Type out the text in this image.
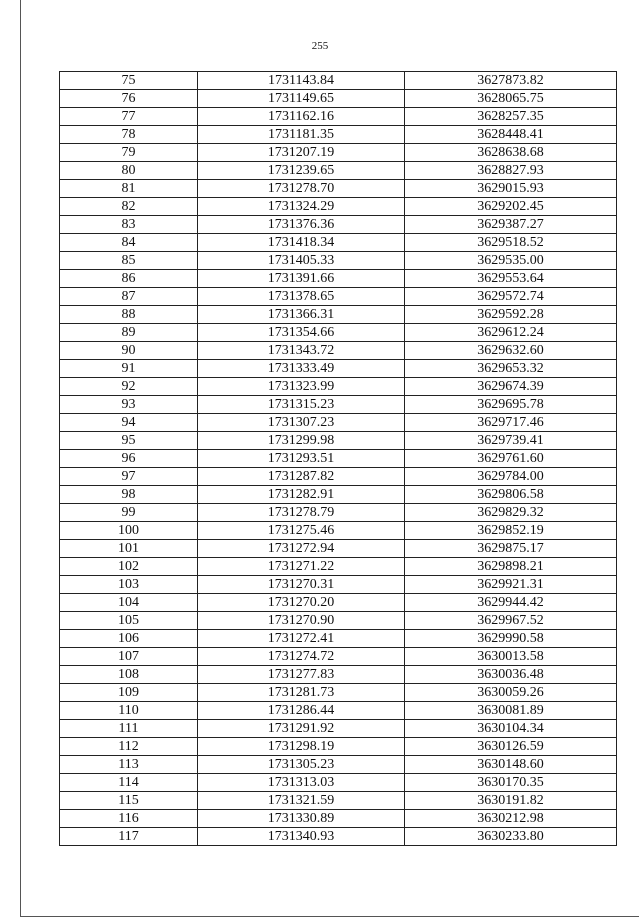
255
75	1731143.84	3627873.82
76	1731149.65	3628065.75
77	1731162.16	3628257.35
78	1731181.35	3628448.41
79	1731207.19	3628638.68
80	1731239.65	3628827.93
81	1731278.70	3629015.93
82	1731324.29	3629202.45
83	1731376.36	3629387.27
84	1731418.34	3629518.52
85	1731405.33	3629535.00
86	1731391.66	3629553.64
87	1731378.65	3629572.74
88	1731366.31	3629592.28
89	1731354.66	3629612.24
90	1731343.72	3629632.60
91	1731333.49	3629653.32
92	1731323.99	3629674.39
93	1731315.23	3629695.78
94	1731307.23	3629717.46
95	1731299.98	3629739.41
96	1731293.51	3629761.60
97	1731287.82	3629784.00
98	1731282.91	3629806.58
99	1731278.79	3629829.32
100	1731275.46	3629852.19
101	1731272.94	3629875.17
102	1731271.22	3629898.21
103	1731270.31	3629921.31
104	1731270.20	3629944.42
105	1731270.90	3629967.52
106	1731272.41	3629990.58
107	1731274.72	3630013.58
108	1731277.83	3630036.48
109	1731281.73	3630059.26
110	1731286.44	3630081.89
111	1731291.92	3630104.34
112	1731298.19	3630126.59
113	1731305.23	3630148.60
114	1731313.03	3630170.35
115	1731321.59	3630191.82
116	1731330.89	3630212.98
117	1731340.93	3630233.80
